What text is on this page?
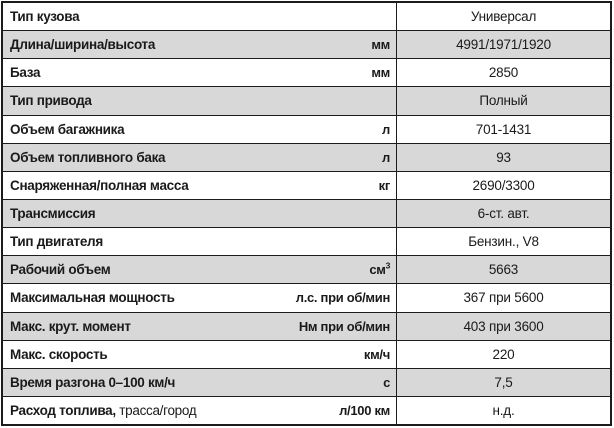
Тип кузова	Универсал
Длина/ширина/высота	мм	4991/1971/1920
База	мм	2850
Тип привода	Полный
Объем багажника	л	701-1431
Объем топливного бака	л	93
Снаряженная/полная масса	кг	2690/3300
Трансмиссия	6-ст. авт.
Тип двигателя	Бензин., V8
Рабочий объем	$см^3$	5663
Максимальная мощность	л.с. при об/мин	367 при 5600
Макс. крут. момент	Нм при об/мин	403 при 3600
Макс. скорость	км/ч	220
Время разгона 0–100 км/ч	с	7,5
Расход топлива, трасса/город	л/100 км	н.д.
